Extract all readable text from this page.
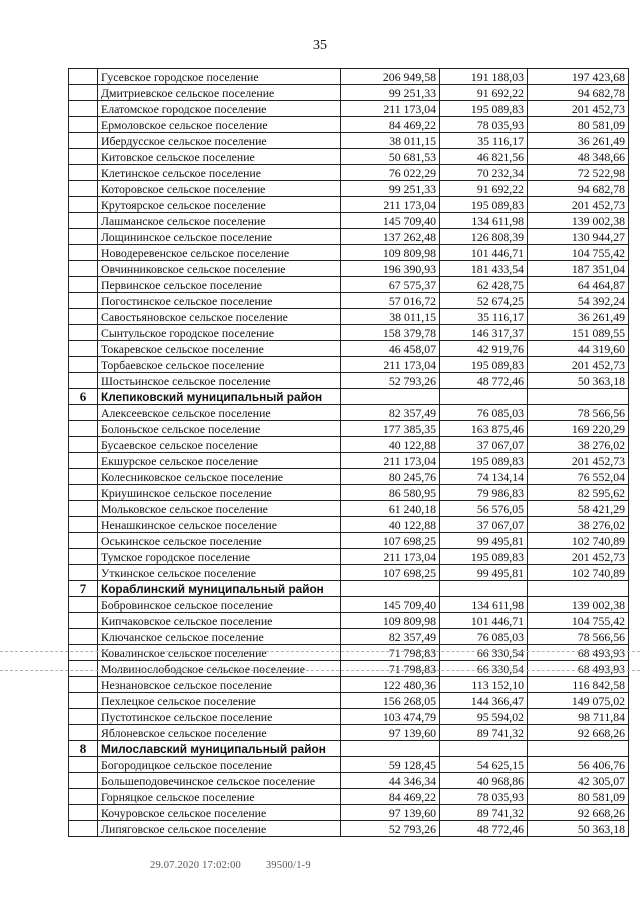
35
	Гусевское городское поселение	206 949,58	191 188,03	197 423,68
	Дмитриевское сельское поселение	99 251,33	91 692,22	94 682,78
	Елатомское городское поселение	211 173,04	195 089,83	201 452,73
	Ермоловское сельское поселение	84 469,22	78 035,93	80 581,09
	Ибердусское сельское поселение	38 011,15	35 116,17	36 261,49
	Китовское сельское поселение	50 681,53	46 821,56	48 348,66
	Клетинское сельское поселение	76 022,29	70 232,34	72 522,98
	Которовское сельское поселение	99 251,33	91 692,22	94 682,78
	Крутоярское сельское поселение	211 173,04	195 089,83	201 452,73
	Лашманское сельское поселение	145 709,40	134 611,98	139 002,38
	Лощининское сельское поселение	137 262,48	126 808,39	130 944,27
	Новодеревенское сельское поселение	109 809,98	101 446,71	104 755,42
	Овчинниковское сельское поселение	196 390,93	181 433,54	187 351,04
	Первинское сельское поселение	67 575,37	62 428,75	64 464,87
	Погостинское сельское поселение	57 016,72	52 674,25	54 392,24
	Савостьяновское сельское поселение	38 011,15	35 116,17	36 261,49
	Сынтульское городское поселение	158 379,78	146 317,37	151 089,55
	Токаревское сельское поселение	46 458,07	42 919,76	44 319,60
	Торбаевское сельское поселение	211 173,04	195 089,83	201 452,73
	Шостьинское сельское поселение	52 793,26	48 772,46	50 363,18
6	Клепиковский муниципальный район			
	Алексеевское сельское поселение	82 357,49	76 085,03	78 566,56
	Болоньское сельское поселение	177 385,35	163 875,46	169 220,29
	Бусаевское сельское поселение	40 122,88	37 067,07	38 276,02
	Екшурское сельское поселение	211 173,04	195 089,83	201 452,73
	Колесниковское сельское поселение	80 245,76	74 134,14	76 552,04
	Криушинское сельское поселение	86 580,95	79 986,83	82 595,62
	Мольковское сельское поселение	61 240,18	56 576,05	58 421,29
	Ненашкинское сельское поселение	40 122,88	37 067,07	38 276,02
	Оськинское сельское поселение	107 698,25	99 495,81	102 740,89
	Тумское городское поселение	211 173,04	195 089,83	201 452,73
	Уткинское сельское поселение	107 698,25	99 495,81	102 740,89
7	Кораблинский муниципальный район			
	Бобровинское сельское поселение	145 709,40	134 611,98	139 002,38
	Кипчаковское сельское поселение	109 809,98	101 446,71	104 755,42
	Ключанское сельское поселение	82 357,49	76 085,03	78 566,56
	Ковалинское сельское поселение	71 798,83	66 330,54	68 493,93
	Молвинослободское сельское поселение	71 798,83	66 330,54	68 493,93
	Незнановское сельское поселение	122 480,36	113 152,10	116 842,58
	Пехлецкое сельское поселение	156 268,05	144 366,47	149 075,02
	Пустотинское сельское поселение	103 474,79	95 594,02	98 711,84
	Яблоневское сельское поселение	97 139,60	89 741,32	92 668,26
8	Милославский муниципальный район			
	Богородицкое сельское поселение	59 128,45	54 625,15	56 406,76
	Большеподовечинское сельское поселение	44 346,34	40 968,86	42 305,07
	Горняцкое сельское поселение	84 469,22	78 035,93	80 581,09
	Кочуровское сельское поселение	97 139,60	89 741,32	92 668,26
	Липяговское сельское поселение	52 793,26	48 772,46	50 363,18
29.07.2020 17:02:00 39500/1-9
